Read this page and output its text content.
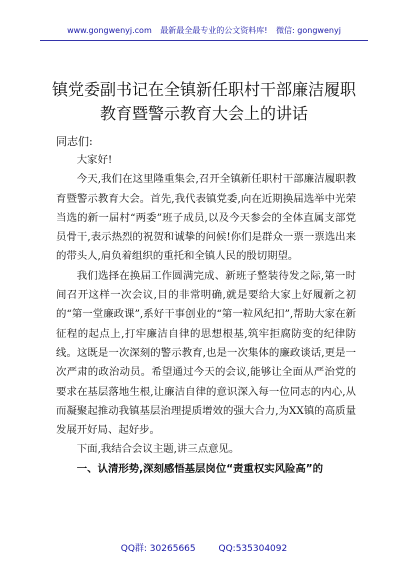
www.gongwenyj.com 最新最全最专业的公文资料库! 微信: gongwenyj
镇党委副书记在全镇新任职村干部廉洁履职教育暨警示教育大会上的讲话

同志们:

大家好!

今天,我们在这里隆重集会,召开全镇新任职村干部廉洁履职教育暨警示教育大会。首先,我代表镇党委,向在近期换届选举中光荣当选的新一届村“两委”班子成员,以及今天参会的全体直属支部党员骨干,表示热烈的祝贺和诚挚的问候!你们是群众一票一票选出来的带头人,肩负着组织的重托和全镇人民的殷切期望。

我们选择在换届工作圆满完成、新班子整装待发之际,第一时间召开这样一次会议,目的非常明确,就是要给大家上好履新之初的“第一堂廉政课”,系好干事创业的“第一粒风纪扣”,帮助大家在新征程的起点上,打牢廉洁自律的思想根基,筑牢拒腐防变的纪律防线。这既是一次深刻的警示教育,也是一次集体的廉政谈话,更是一次严肃的政治动员。希望通过今天的会议,能够让全面从严治党的要求在基层落地生根,让廉洁自律的意识深入每一位同志的内心,从而凝聚起推动我镇基层治理提质增效的强大合力,为XX镇的高质量发展开好局、起好步。

下面,我结合会议主题,讲三点意见。

一、认清形势,深刻感悟基层岗位“责重权实风险高”的

QQ群: 30265665	QQ:535304092
